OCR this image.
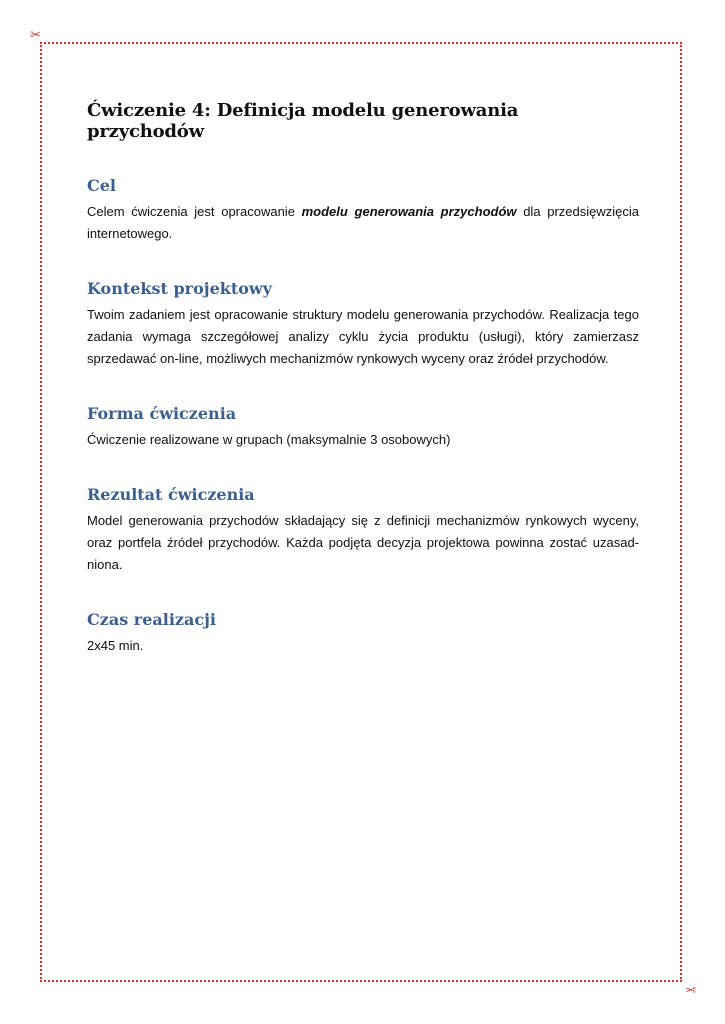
✂
✂
Ćwiczenie 4: Definicja modelu generowania przychodów
Cel

Celem ćwiczenia jest opracowanie modelu generowania przychodów dla przedsięwzięcia internetowego.

Kontekst projektowy

Twoim zadaniem jest opracowanie struktury modelu generowania przychodów. Realizacja tego zadania wymaga szczegółowej analizy cyklu życia produktu (usługi), który zamierzasz sprzedawać on-line, możliwych mechanizmów rynkowych wyceny oraz źródeł przychodów.

Forma ćwiczenia

Ćwiczenie realizowane w grupach (maksymalnie 3 osobowych)

Rezultat ćwiczenia

Model generowania przychodów składający się z definicji mechanizmów rynkowych wyceny, oraz portfela źródeł przychodów. Każda podjęta decyzja projektowa powinna zostać uzasad-niona.

Czas realizacji

2x45 min.
